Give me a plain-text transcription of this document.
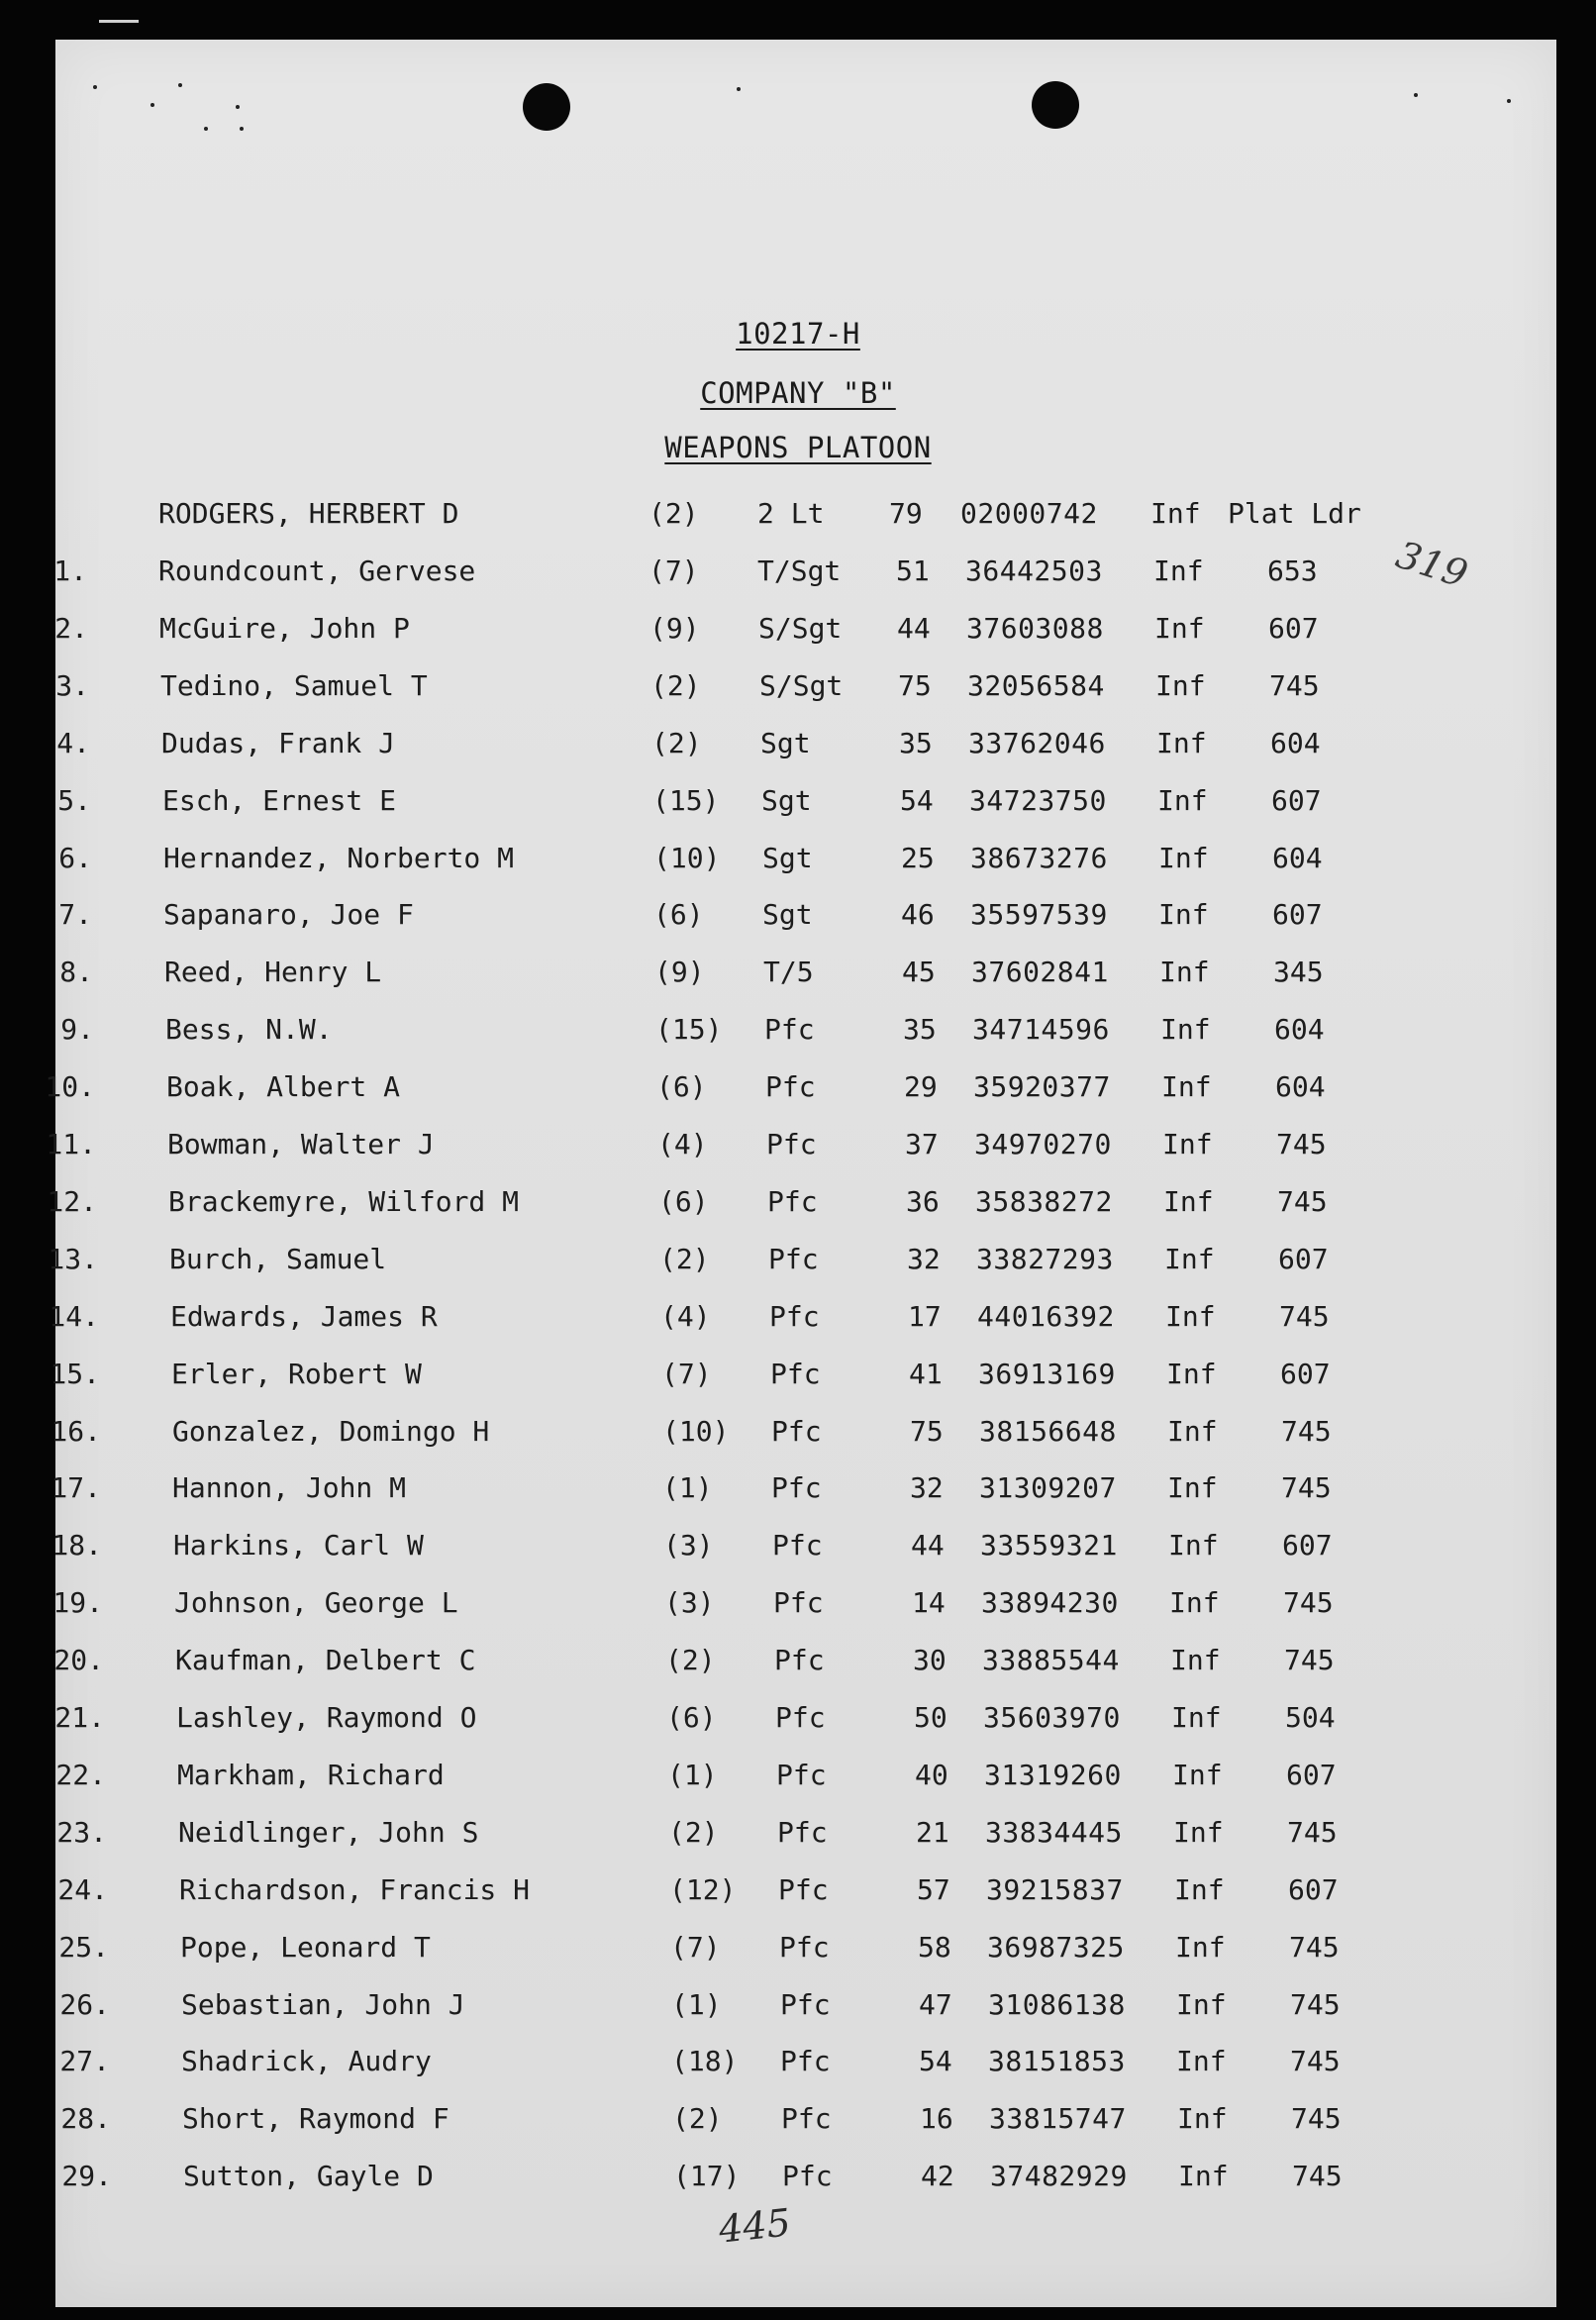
10217-H
COMPANY "B"
WEAPONS PLATOON
319
RODGERS, HERBERT D	(2) 2 Lt 79 02000742 Inf Plat Ldr
1.	Roundcount, Gervese	(7) T/Sgt 51 36442503 Inf 653
2.	McGuire, John P	(9) S/Sgt 44 37603088 Inf 607
3.	Tedino, Samuel T	(2) S/Sgt 75 32056584 Inf 745
4.	Dudas, Frank J	(2) Sgt	35 33762046 Inf 604
5.	Esch, Ernest E	(15) Sgt	54 34723750 Inf 607
6.	Hernandez, Norberto M	(10) Sgt	25 38673276 Inf 604
7.	Sapanaro, Joe F	(6) Sgt	46 35597539 Inf 607
8.	Reed, Henry L	(9) T/5	45 37602841 Inf 345
9.	Bess, N.W.	(15) Pfc	35 34714596 Inf 604
10.	Boak, Albert A	(6) Pfc	29 35920377 Inf 604
11.	Bowman, Walter J	(4) Pfc	37 34970270 Inf 745
12.	Brackemyre, Wilford M	(6) Pfc	36 35838272 Inf 745
13.	Burch, Samuel	(2) Pfc	32 33827293 Inf 607
14.	Edwards, James R	(4) Pfc	17 44016392 Inf 745
15.	Erler, Robert W	(7) Pfc	41 36913169 Inf 607
16.	Gonzalez, Domingo H	(10) Pfc	75 38156648 Inf 745
17.	Hannon, John M	(1) Pfc	32 31309207 Inf 745
18.	Harkins, Carl W	(3) Pfc	44 33559321 Inf 607
19.	Johnson, George L	(3) Pfc	14 33894230 Inf 745
20.	Kaufman, Delbert C	(2) Pfc	30 33885544 Inf 745
21.	Lashley, Raymond O	(6) Pfc	50 35603970 Inf 504
22.	Markham, Richard	(1) Pfc	40 31319260 Inf 607
23.	Neidlinger, John S	(2) Pfc	21 33834445 Inf 745
24.	Richardson, Francis H	(12) Pfc	57 39215837 Inf 607
25.	Pope, Leonard T	(7) Pfc	58 36987325 Inf 745
26.	Sebastian, John J	(1) Pfc	47 31086138 Inf 745
27.	Shadrick, Audry	(18) Pfc	54 38151853 Inf 745
28.	Short, Raymond F	(2) Pfc	16 33815747 Inf 745
29.	Sutton, Gayle D	(17) Pfc	42 37482929 Inf 745
445
